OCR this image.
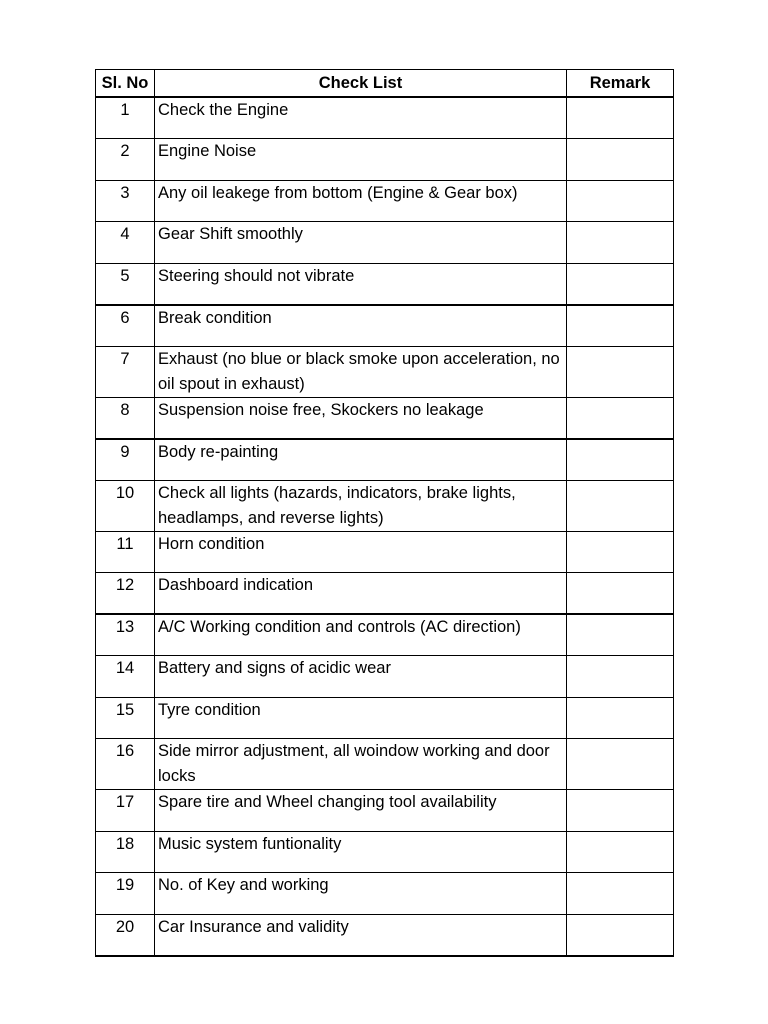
Sl. No	Check List	Remark
1	Check the Engine	

2	Engine Noise	

3	Any oil leakege from bottom (Engine & Gear box)	

4	Gear Shift smoothly	

5	Steering should not vibrate	

6	Break condition	

7	Exhaust (no blue or black smoke upon acceleration, no oil spout in exhaust)	

8	Suspension noise free, Skockers no leakage	

9	Body re-painting	

10	Check all lights (hazards, indicators, brake lights, headlamps, and reverse lights)	

11	Horn condition	

12	Dashboard indication	

13	A/C Working condition and controls (AC direction)	

14	Battery and signs of acidic wear	

15	Tyre condition	

16	Side mirror adjustment, all woindow working and door locks	

17	Spare tire and Wheel changing tool availability	

18	Music system funtionality	

19	No. of Key and working	

20	Car Insurance and validity	
